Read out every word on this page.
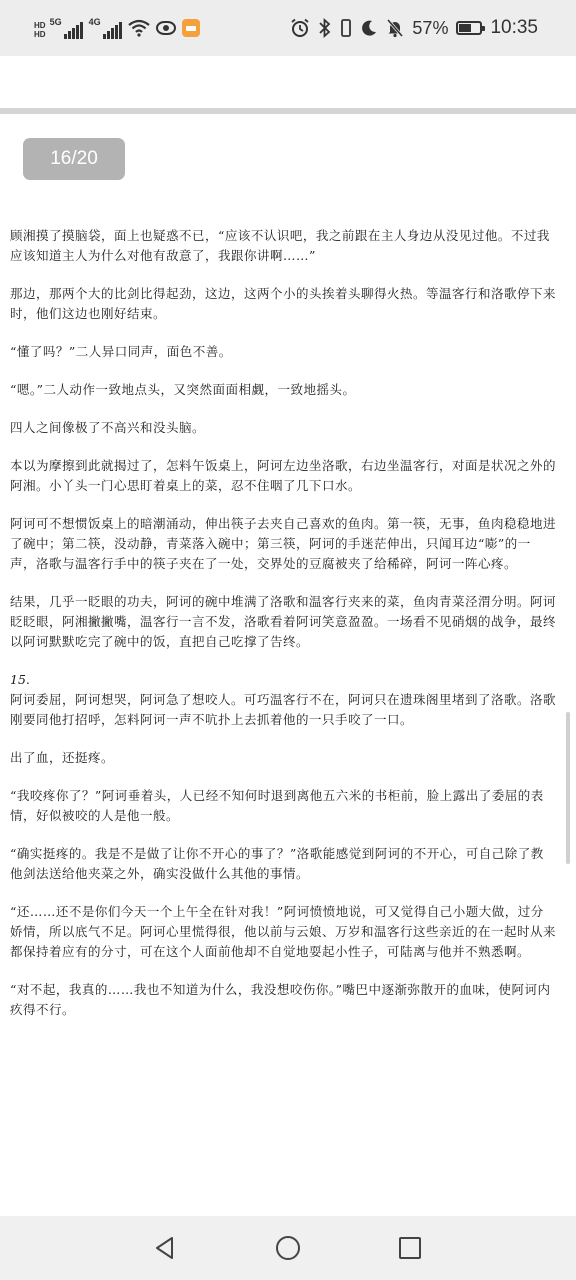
HD
HD
5G	4G	57% 10:35
16/20

顾湘摸了摸脑袋，面上也疑惑不已，“应该不认识吧，我之前跟在主人身边从没见过他。不过我应该知道主人为什么对他有敌意了，我跟你讲啊……”

那边，那两个大的比剑比得起劲，这边，这两个小的头挨着头聊得火热。等温客行和洛歌停下来时，他们这边也刚好结束。

“懂了吗？”二人异口同声，面色不善。

“嗯。”二人动作一致地点头，又突然面面相觑，一致地摇头。

四人之间像极了不高兴和没头脑。

本以为摩擦到此就揭过了，怎料午饭桌上，阿诃左边坐洛歌，右边坐温客行，对面是状况之外的阿湘。小丫头一门心思盯着桌上的菜，忍不住咽了几下口水。

阿诃可不想惯饭桌上的暗潮涌动，伸出筷子去夹自己喜欢的鱼肉。第一筷，无事，鱼肉稳稳地进了碗中；第二筷，没动静，青菜落入碗中；第三筷，阿诃的手迷茫伸出，只闻耳边“嘭”的一声，洛歌与温客行手中的筷子夹在了一处，交界处的豆腐被夹了给稀碎，阿诃一阵心疼。

结果，几乎一眨眼的功夫，阿诃的碗中堆满了洛歌和温客行夹来的菜，鱼肉青菜泾渭分明。阿诃眨眨眼，阿湘撇撇嘴，温客行一言不发，洛歌看着阿诃笑意盈盈。一场看不见硝烟的战争，最终以阿诃默默吃完了碗中的饭，直把自己吃撑了告终。

15.

阿诃委屈，阿诃想哭，阿诃急了想咬人。可巧温客行不在，阿诃只在遗珠阁里堵到了洛歌。洛歌刚要同他打招呼，怎料阿诃一声不吭扑上去抓着他的一只手咬了一口。

出了血，还挺疼。

“我咬疼你了？”阿诃垂着头，人已经不知何时退到离他五六米的书柜前，脸上露出了委屈的表情，好似被咬的人是他一般。

“确实挺疼的。我是不是做了让你不开心的事了？”洛歌能感觉到阿诃的不开心，可自己除了教他剑法送给他夹菜之外，确实没做什么其他的事情。

“还……还不是你们今天一个上午全在针对我！”阿诃愤愤地说，可又觉得自己小题大做，过分娇情，所以底气不足。阿诃心里慌得很，他以前与云娘、万岁和温客行这些亲近的在一起时从来都保持着应有的分寸，可在这个人面前他却不自觉地耍起小性子，可陆离与他并不熟悉啊。

“对不起，我真的……我也不知道为什么，我没想咬伤你。”嘴巴中逐渐弥散开的血味，使阿诃内疚得不行。
